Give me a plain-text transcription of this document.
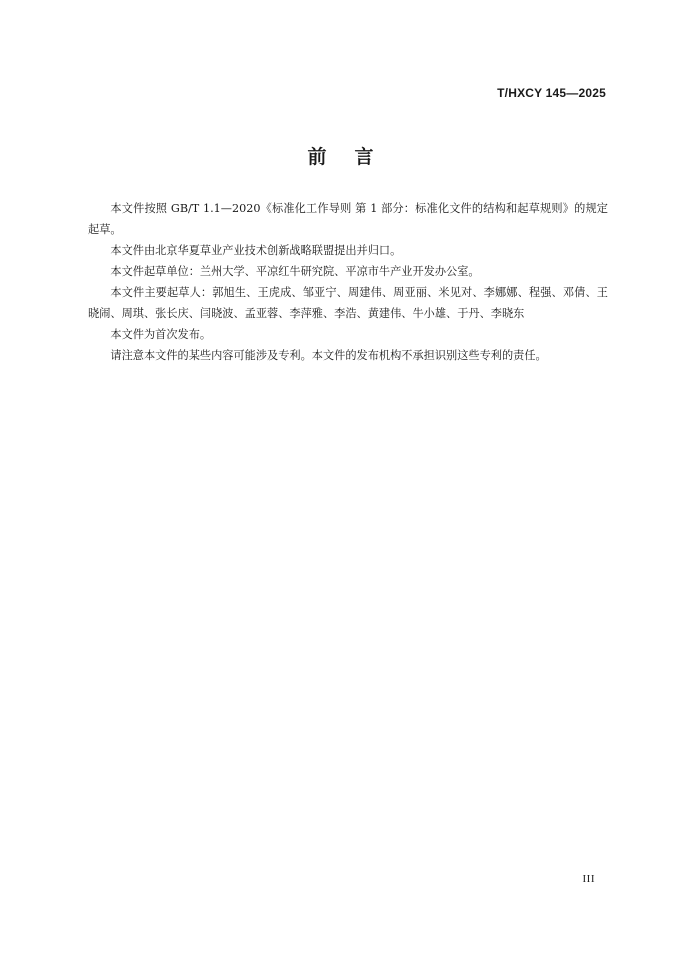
T/HXCY 145—2025
前言

本文件按照 GB/T 1.1—2020《标准化工作导则 第 1 部分：标准化文件的结构和起草规则》的规定起草。

本文件由北京华夏草业产业技术创新战略联盟提出并归口。

本文件起草单位：兰州大学、平凉红牛研究院、平凉市牛产业开发办公室。

本文件主要起草人：郭旭生、王虎成、邹亚宁、周建伟、周亚丽、米见对、李娜娜、程强、邓倩、王晓闹、周琪、张长庆、闫晓波、孟亚蓉、李萍雅、李浩、黄建伟、牛小雄、于丹、李晓东

本文件为首次发布。

请注意本文件的某些内容可能涉及专利。本文件的发布机构不承担识别这些专利的责任。

III
